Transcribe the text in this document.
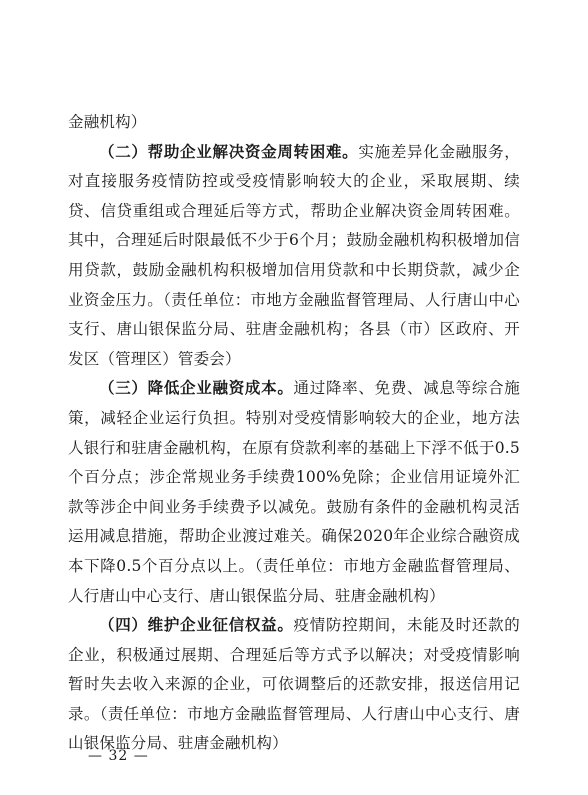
金融机构）

（二）帮助企业解决资金周转困难。实施差异化金融服务，对直接服务疫情防控或受疫情影响较大的企业，采取展期、续贷、信贷重组或合理延后等方式，帮助企业解决资金周转困难。其中，合理延后时限最低不少于6个月；鼓励金融机构积极增加信用贷款，鼓励金融机构积极增加信用贷款和中长期贷款，减少企业资金压力。（责任单位：市地方金融监督管理局、人行唐山中心支行、唐山银保监分局、驻唐金融机构；各县（市）区政府、开发区（管理区）管委会）

（三）降低企业融资成本。通过降率、免费、减息等综合施策，减轻企业运行负担。特别对受疫情影响较大的企业，地方法人银行和驻唐金融机构，在原有贷款利率的基础上下浮不低于0.5个百分点；涉企常规业务手续费100%免除；企业信用证境外汇款等涉企中间业务手续费予以减免。鼓励有条件的金融机构灵活运用减息措施，帮助企业渡过难关。确保2020年企业综合融资成本下降0.5个百分点以上。（责任单位：市地方金融监督管理局、人行唐山中心支行、唐山银保监分局、驻唐金融机构）

（四）维护企业征信权益。疫情防控期间，未能及时还款的企业，积极通过展期、合理延后等方式予以解决；对受疫情影响暂时失去收入来源的企业，可依调整后的还款安排，报送信用记录。（责任单位：市地方金融监督管理局、人行唐山中心支行、唐山银保监分局、驻唐金融机构）

— 32 —
